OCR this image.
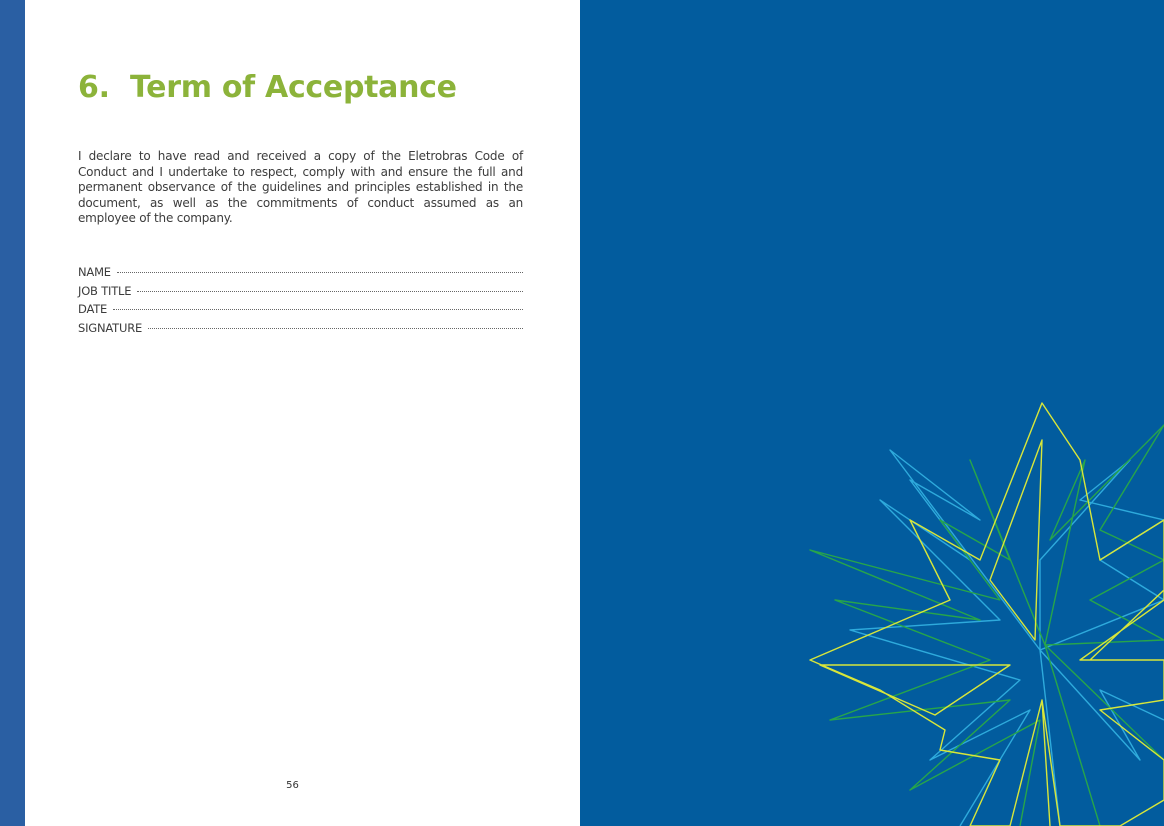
6. Term of Acceptance

I declare to have read and received a copy of the Eletrobras Code of Conduct and I undertake to respect, comply with and ensure the full and permanent observance of the guidelines and principles established in the document, as well as the commitments of conduct assumed as an employee of the company.

NAME
JOB TITLE
DATE
SIGNATURE
56
